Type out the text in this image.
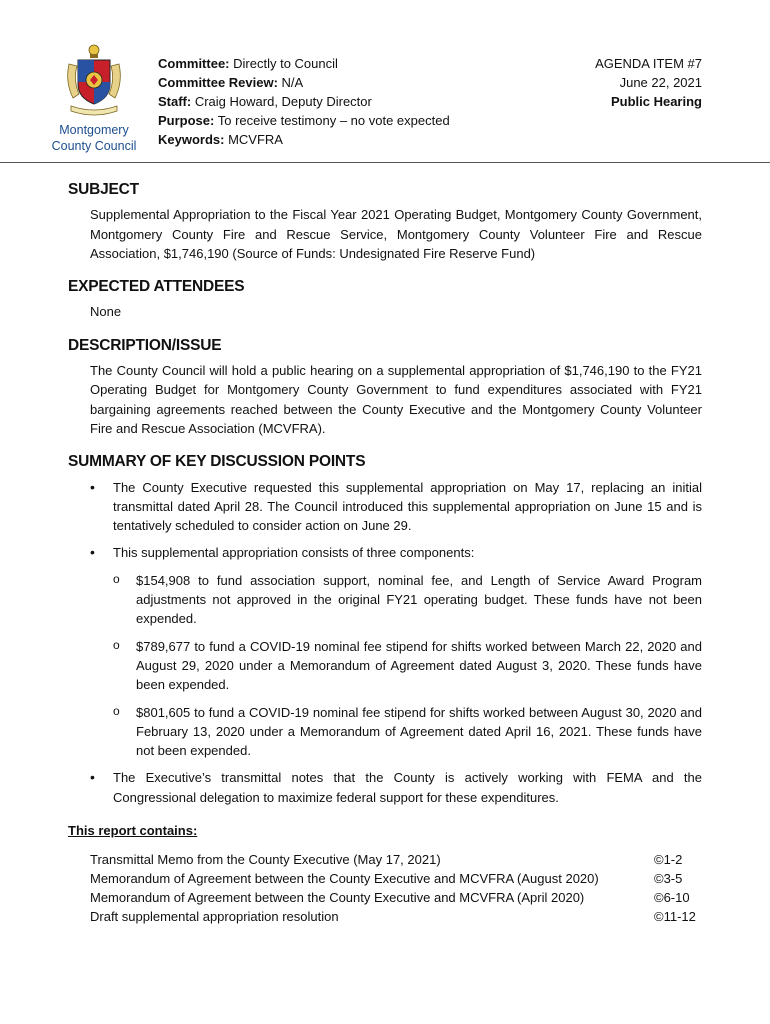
Montgomery
County Council
Committee: Directly to Council
Committee Review: N/A
Staff: Craig Howard, Deputy Director
Purpose: To receive testimony – no vote expected
Keywords: MCVFRA
AGENDA ITEM #7
June 22, 2021
Public Hearing
SUBJECT

Supplemental Appropriation to the Fiscal Year 2021 Operating Budget, Montgomery County Government, Montgomery County Fire and Rescue Service, Montgomery County Volunteer Fire and Rescue Association, $1,746,190 (Source of Funds: Undesignated Fire Reserve Fund)

EXPECTED ATTENDEES

None

DESCRIPTION/ISSUE

The County Council will hold a public hearing on a supplemental appropriation of $1,746,190 to the FY21 Operating Budget for Montgomery County Government to fund expenditures associated with FY21 bargaining agreements reached between the County Executive and the Montgomery County Volunteer Fire and Rescue Association (MCVFRA).

SUMMARY OF KEY DISCUSSION POINTS
• The County Executive requested this supplemental appropriation on May 17, replacing an initial transmittal dated April 28. The Council introduced this supplemental appropriation on June 15 and is tentatively scheduled to consider action on June 29.
• This supplemental appropriation consists of three components:
o $154,908 to fund association support, nominal fee, and Length of Service Award Program adjustments not approved in the original FY21 operating budget. These funds have not been expended.
o $789,677 to fund a COVID-19 nominal fee stipend for shifts worked between March 22, 2020 and August 29, 2020 under a Memorandum of Agreement dated August 3, 2020. These funds have been expended.
o $801,605 to fund a COVID-19 nominal fee stipend for shifts worked between August 30, 2020 and February 13, 2020 under a Memorandum of Agreement dated April 16, 2021. These funds have not been expended.
• The Executive’s transmittal notes that the County is actively working with FEMA and the Congressional delegation to maximize federal support for these expenditures.
This report contains:
Transmittal Memo from the County Executive (May 17, 2021)	©1-2
Memorandum of Agreement between the County Executive and MCVFRA (August 2020)	©3-5
Memorandum of Agreement between the County Executive and MCVFRA (April 2020)	©6-10
Draft supplemental appropriation resolution	©11-12
